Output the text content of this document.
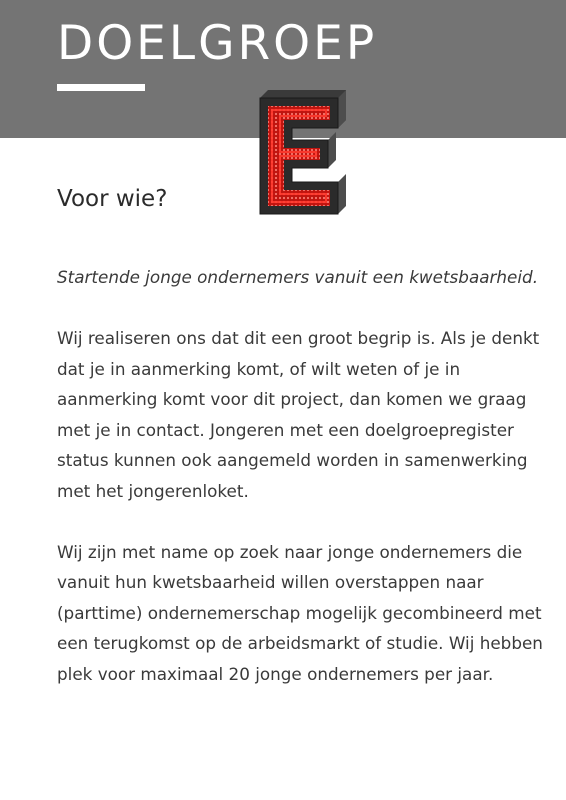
DOELGROEP
Voor wie?

Startende jonge ondernemers vanuit een kwetsbaarheid.

Wij realiseren ons dat dit een groot begrip is. Als je denkt dat je in aanmerking komt, of wilt weten of je in aanmerking komt voor dit project, dan komen we graag met je in contact. Jongeren met een doelgroepregister status kunnen ook aangemeld worden in samenwerking met het jongerenloket.

Wij zijn met name op zoek naar jonge ondernemers die vanuit hun kwetsbaarheid willen overstappen naar (parttime) ondernemerschap mogelijk gecombineerd met een terugkomst op de arbeidsmarkt of studie. Wij hebben plek voor maximaal 20 jonge ondernemers per jaar.
